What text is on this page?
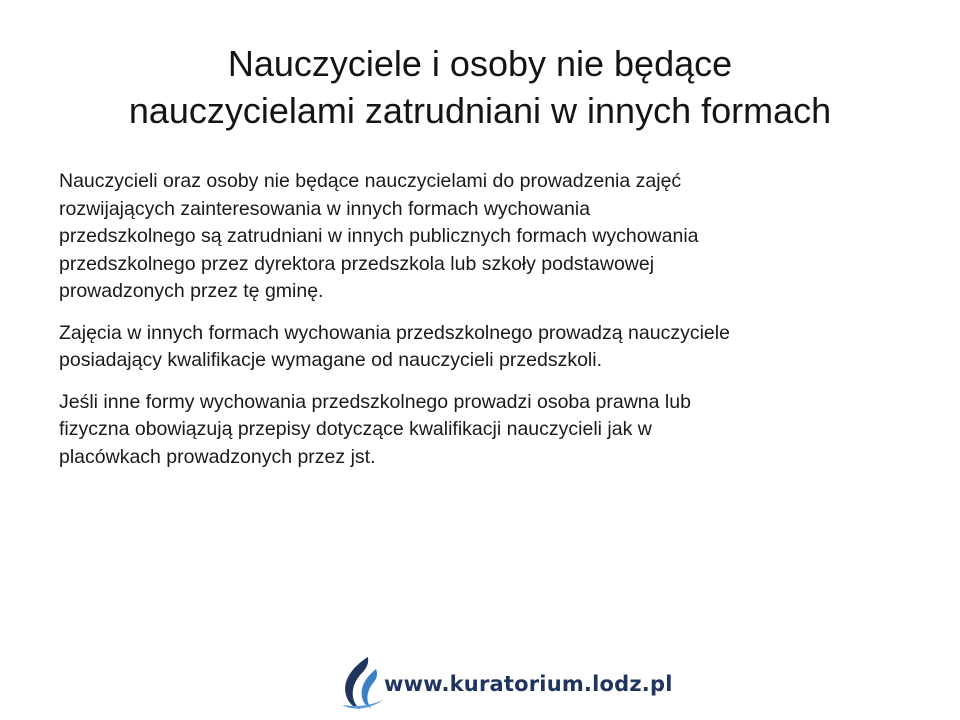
Nauczyciele i osoby nie będące
nauczycielami zatrudniani w innych formach

Nauczycieli oraz osoby nie będące nauczycielami do prowadzenia zajęć
rozwijających zainteresowania w innych formach wychowania
przedszkolnego są zatrudniani w innych publicznych formach wychowania
przedszkolnego przez dyrektora przedszkola lub szkoły podstawowej
prowadzonych przez tę gminę.

Zajęcia w innych formach wychowania przedszkolnego prowadzą nauczyciele
posiadający kwalifikacje wymagane od nauczycieli przedszkoli.

Jeśli inne formy wychowania przedszkolnego prowadzi osoba prawna lub
fizyczna obowiązują przepisy dotyczące kwalifikacji nauczycieli jak w
placówkach prowadzonych przez jst.

www.kuratorium.lodz.pl
